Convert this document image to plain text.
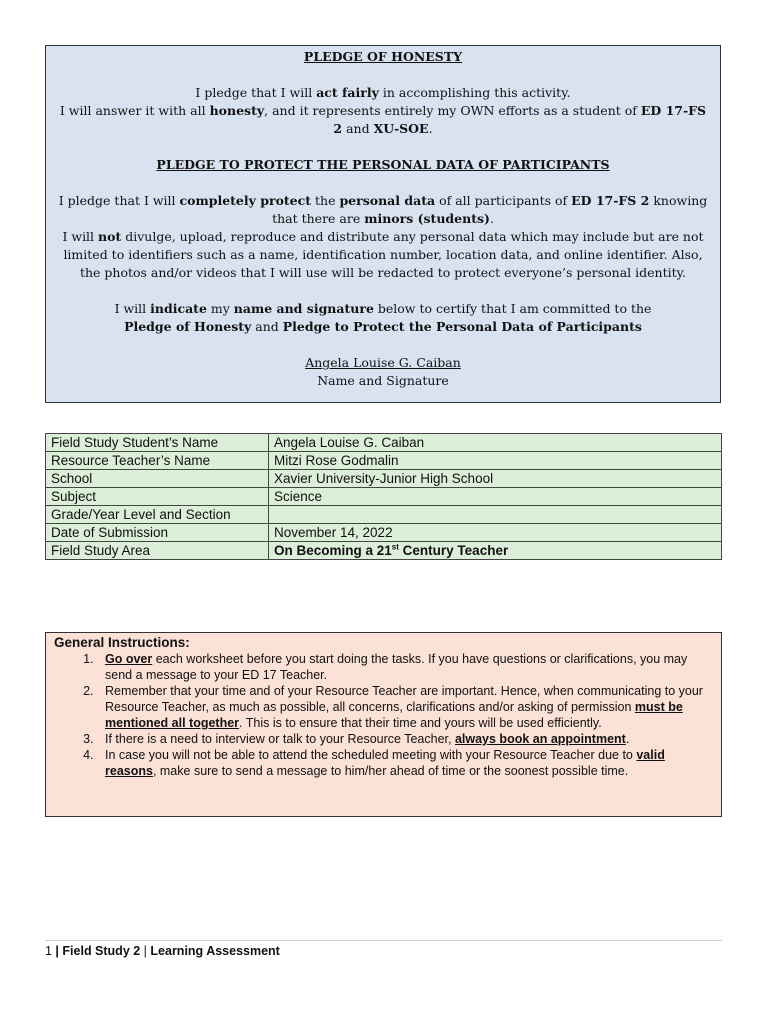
PLEDGE OF HONESTY

I pledge that I will act fairly in accomplishing this activity.

I will answer it with all honesty, and it represents entirely my OWN efforts as a student of ED 17-FS 2 and XU-SOE.

PLEDGE TO PROTECT THE PERSONAL DATA OF PARTICIPANTS

I pledge that I will completely protect the personal data of all participants of ED 17-FS 2 knowing that there are minors (students).

I will not divulge, upload, reproduce and distribute any personal data which may include but are not limited to identifiers such as a name, identification number, location data, and online identifier. Also, the photos and/or videos that I will use will be redacted to protect everyone’s personal identity.

I will indicate my name and signature below to certify that I am committed to the

Pledge of Honesty and Pledge to Protect the Personal Data of Participants

Angela Louise G. Caiban

Name and Signature

Field Study Student’s Name	Angela Louise G. Caiban
Resource Teacher’s Name	Mitzi Rose Godmalin
School	Xavier University-Junior High School
Subject	Science
Grade/Year Level and Section	
Date of Submission	November 14, 2022
Field Study Area	On Becoming a 21st Century Teacher
General Instructions:
1. Go over each worksheet before you start doing the tasks. If you have questions or clarifications, you may send a message to your ED 17 Teacher.
2. Remember that your time and of your Resource Teacher are important. Hence, when communicating to your Resource Teacher, as much as possible, all concerns, clarifications and/or asking of permission must be mentioned all together. This is to ensure that their time and yours will be used efficiently.
3. If there is a need to interview or talk to your Resource Teacher, always book an appointment.
4. In case you will not be able to attend the scheduled meeting with your Resource Teacher due to valid reasons, make sure to send a message to him/her ahead of time or the soonest possible time.
1 | Field Study 2 | Learning Assessment
